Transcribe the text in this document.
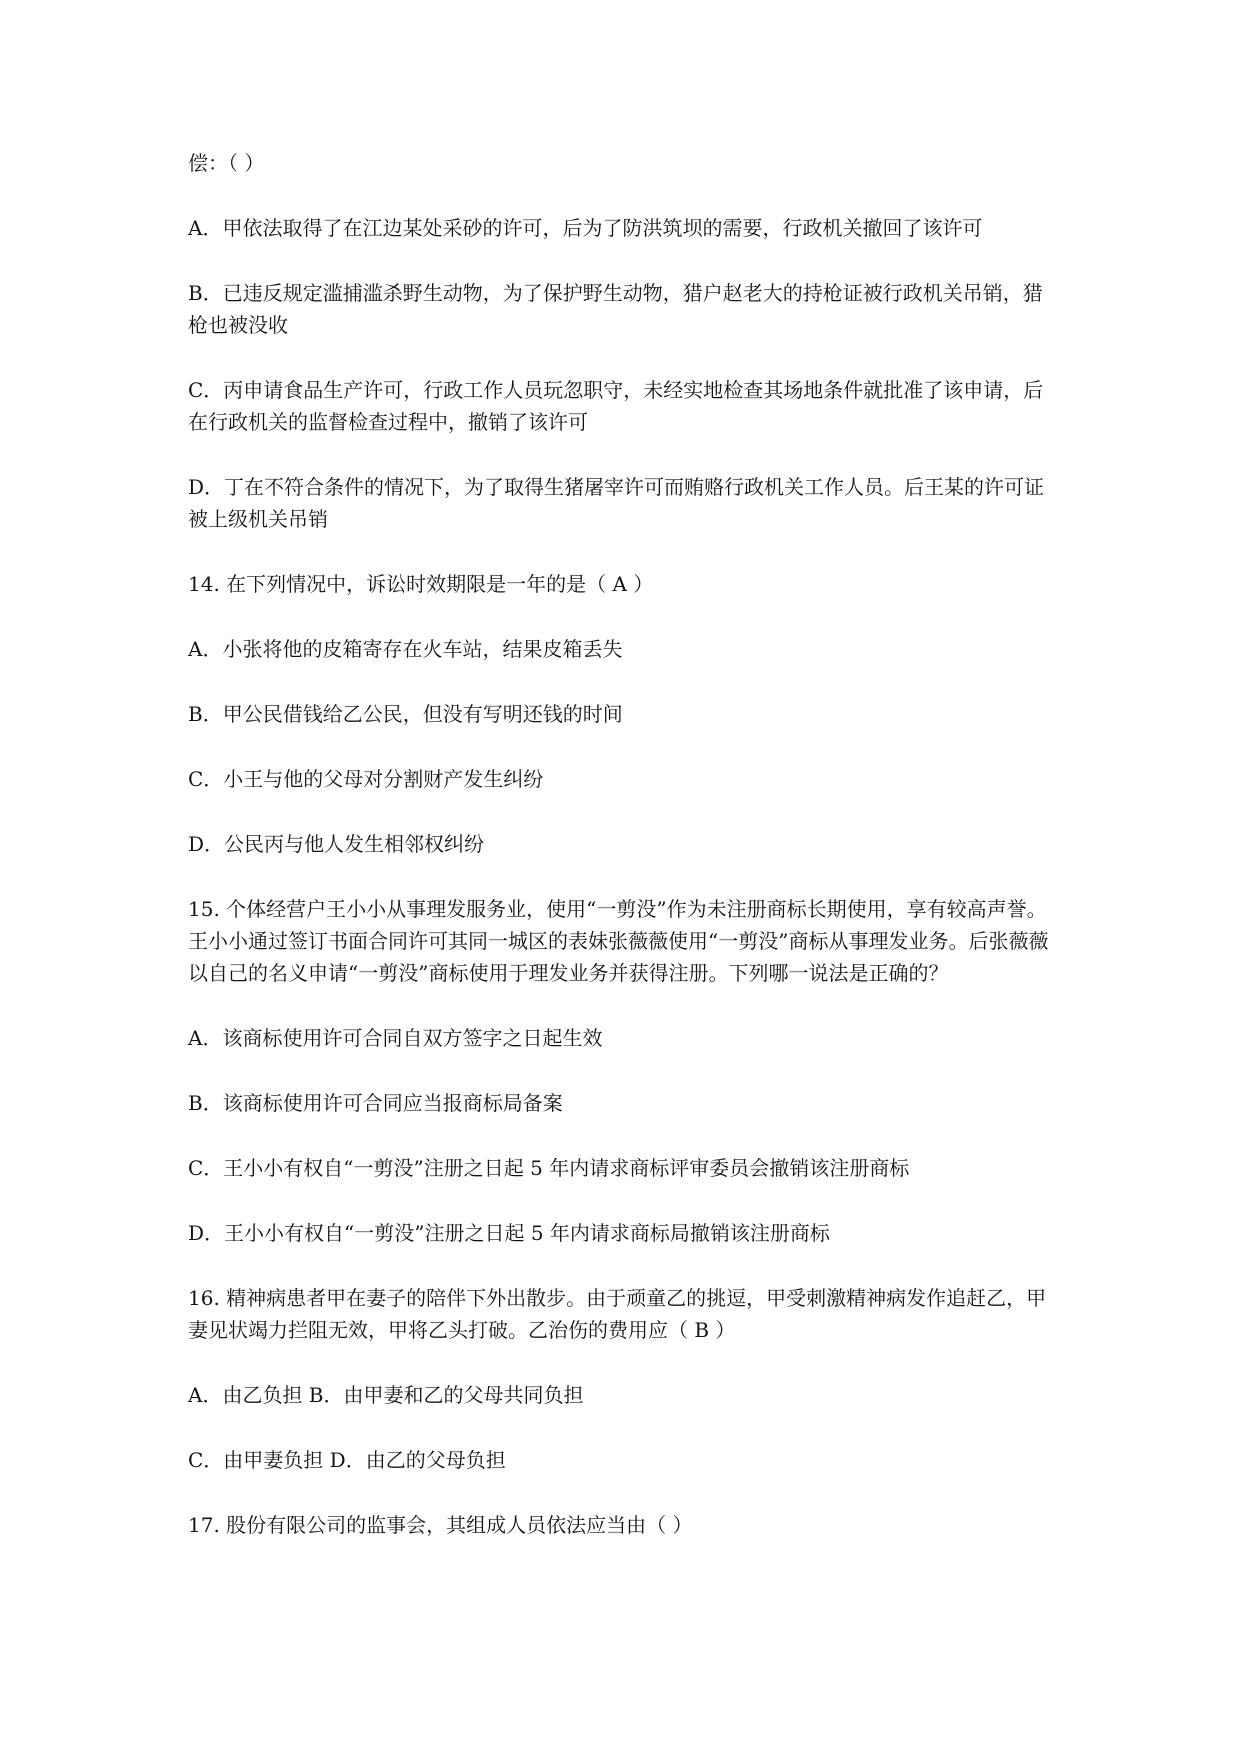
偿：（ ）

A．甲依法取得了在江边某处采砂的许可，后为了防洪筑坝的需要，行政机关撤回了该许可

B．已违反规定滥捕滥杀野生动物，为了保护野生动物，猎户赵老大的持枪证被行政机关吊销，猎枪也被没收

C．丙申请食品生产许可，行政工作人员玩忽职守，未经实地检查其场地条件就批准了该申请，后在行政机关的监督检查过程中，撤销了该许可

D．丁在不符合条件的情况下，为了取得生猪屠宰许可而贿赂行政机关工作人员。后王某的许可证被上级机关吊销

14. 在下列情况中，诉讼时效期限是一年的是（ A ）

A．小张将他的皮箱寄存在火车站，结果皮箱丢失

B．甲公民借钱给乙公民，但没有写明还钱的时间

C．小王与他的父母对分割财产发生纠纷

D．公民丙与他人发生相邻权纠纷

15. 个体经营户王小小从事理发服务业，使用“一剪没”作为未注册商标长期使用，享有较高声誉。王小小通过签订书面合同许可其同一城区的表妹张薇薇使用“一剪没”商标从事理发业务。后张薇薇以自己的名义申请“一剪没”商标使用于理发业务并获得注册。下列哪一说法是正确的？

A．该商标使用许可合同自双方签字之日起生效

B．该商标使用许可合同应当报商标局备案

C．王小小有权自“一剪没”注册之日起 5 年内请求商标评审委员会撤销该注册商标

D．王小小有权自“一剪没”注册之日起 5 年内请求商标局撤销该注册商标

16. 精神病患者甲在妻子的陪伴下外出散步。由于顽童乙的挑逗，甲受刺激精神病发作追赶乙，甲妻见状竭力拦阻无效，甲将乙头打破。乙治伤的费用应（ B ）

A．由乙负担 B．由甲妻和乙的父母共同负担

C．由甲妻负担 D．由乙的父母负担

17. 股份有限公司的监事会，其组成人员依法应当由（ ）
